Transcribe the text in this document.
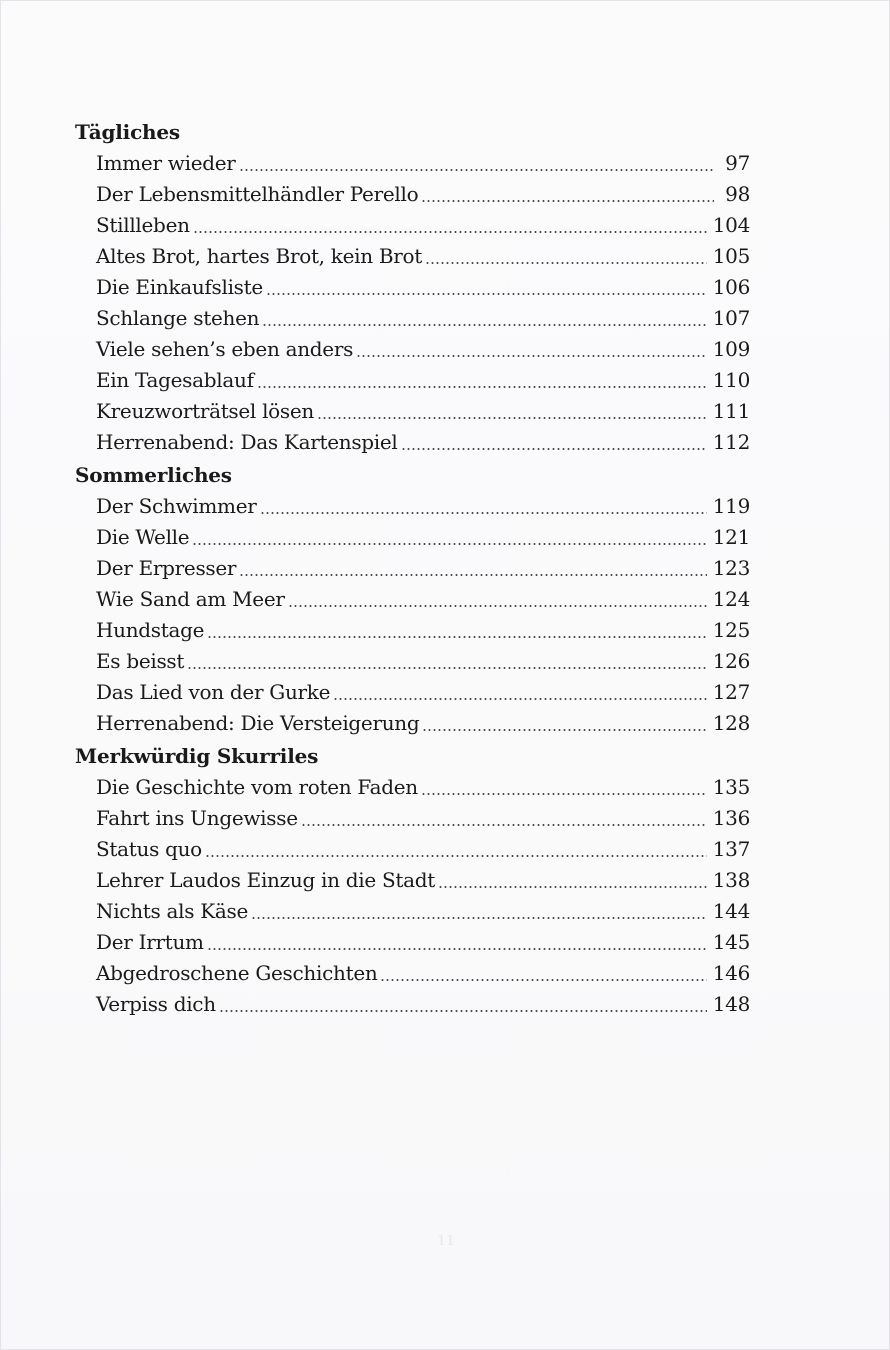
Tägliches
Immer wieder	97
Der Lebensmittelhändler Perello	98
Stillleben	104
Altes Brot, hartes Brot, kein Brot	105
Die Einkaufsliste	106
Schlange stehen	107
Viele sehen’s eben anders	109
Ein Tagesablauf	110
Kreuzworträtsel lösen	111
Herrenabend: Das Kartenspiel	112
Sommerliches
Der Schwimmer	119
Die Welle	121
Der Erpresser	123
Wie Sand am Meer	124
Hundstage	125
Es beisst	126
Das Lied von der Gurke	127
Herrenabend: Die Versteigerung	128
Merkwürdig Skurriles
Die Geschichte vom roten Faden	135
Fahrt ins Ungewisse	136
Status quo	137
Lehrer Laudos Einzug in die Stadt	138
Nichts als Käse	144
Der Irrtum	145
Abgedroschene Geschichten	146
Verpiss dich	148
11
